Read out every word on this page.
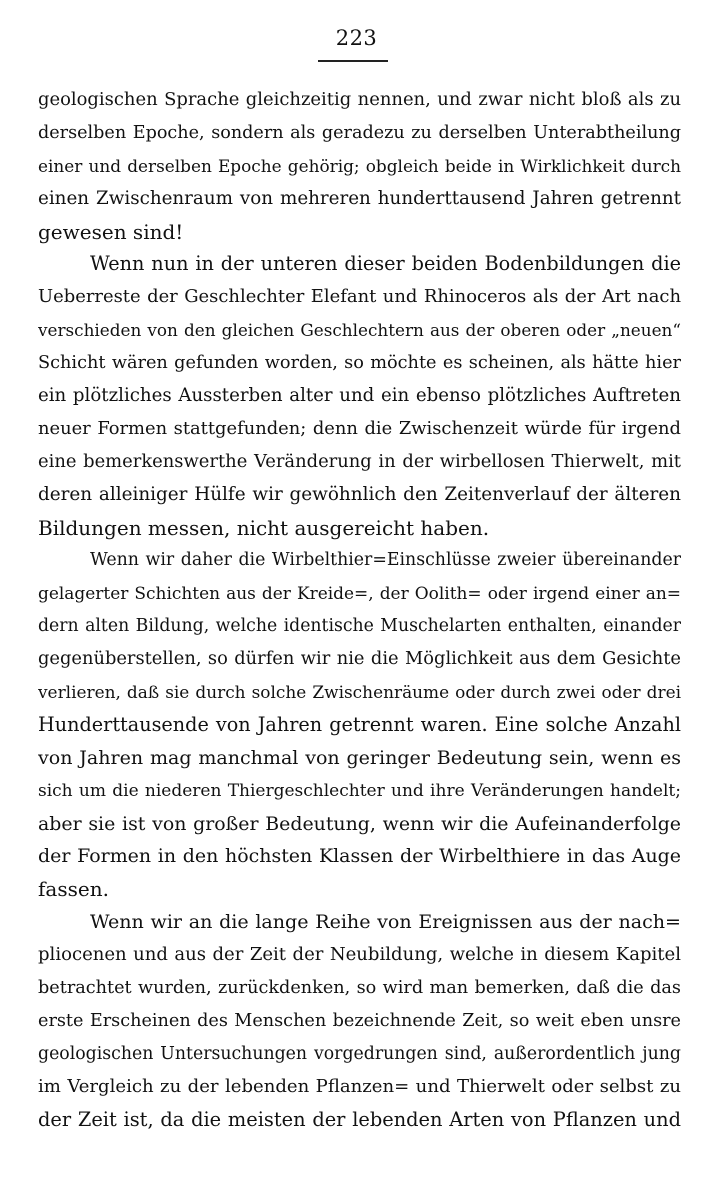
223
geologischen Sprache gleichzeitig nennen, und zwar nicht bloß als zu
derselben Epoche, sondern als geradezu zu derselben Unterabtheilung
einer und derselben Epoche gehörig; obgleich beide in Wirklichkeit durch
einen Zwischenraum von mehreren hunderttausend Jahren getrennt
gewesen sind!
Wenn nun in der unteren dieser beiden Bodenbildungen die
Ueberreste der Geschlechter Elefant und Rhinoceros als der Art nach
verschieden von den gleichen Geschlechtern aus der oberen oder „neuen“
Schicht wären gefunden worden, so möchte es scheinen, als hätte hier
ein plötzliches Aussterben alter und ein ebenso plötzliches Auftreten
neuer Formen stattgefunden; denn die Zwischenzeit würde für irgend
eine bemerkenswerthe Veränderung in der wirbellosen Thierwelt, mit
deren alleiniger Hülfe wir gewöhnlich den Zeitenverlauf der älteren
Bildungen messen, nicht ausgereicht haben.
Wenn wir daher die Wirbelthier=Einschlüsse zweier übereinander
gelagerter Schichten aus der Kreide=, der Oolith= oder irgend einer an=
dern alten Bildung, welche identische Muschelarten enthalten, einander
gegenüberstellen, so dürfen wir nie die Möglichkeit aus dem Gesichte
verlieren, daß sie durch solche Zwischenräume oder durch zwei oder drei
Hunderttausende von Jahren getrennt waren. Eine solche Anzahl
von Jahren mag manchmal von geringer Bedeutung sein, wenn es
sich um die niederen Thiergeschlechter und ihre Veränderungen handelt;
aber sie ist von großer Bedeutung, wenn wir die Aufeinanderfolge
der Formen in den höchsten Klassen der Wirbelthiere in das Auge
fassen.
Wenn wir an die lange Reihe von Ereignissen aus der nach=
pliocenen und aus der Zeit der Neubildung, welche in diesem Kapitel
betrachtet wurden, zurückdenken, so wird man bemerken, daß die das
erste Erscheinen des Menschen bezeichnende Zeit, so weit eben unsre
geologischen Untersuchungen vorgedrungen sind, außerordentlich jung
im Vergleich zu der lebenden Pflanzen= und Thierwelt oder selbst zu
der Zeit ist, da die meisten der lebenden Arten von Pflanzen und
